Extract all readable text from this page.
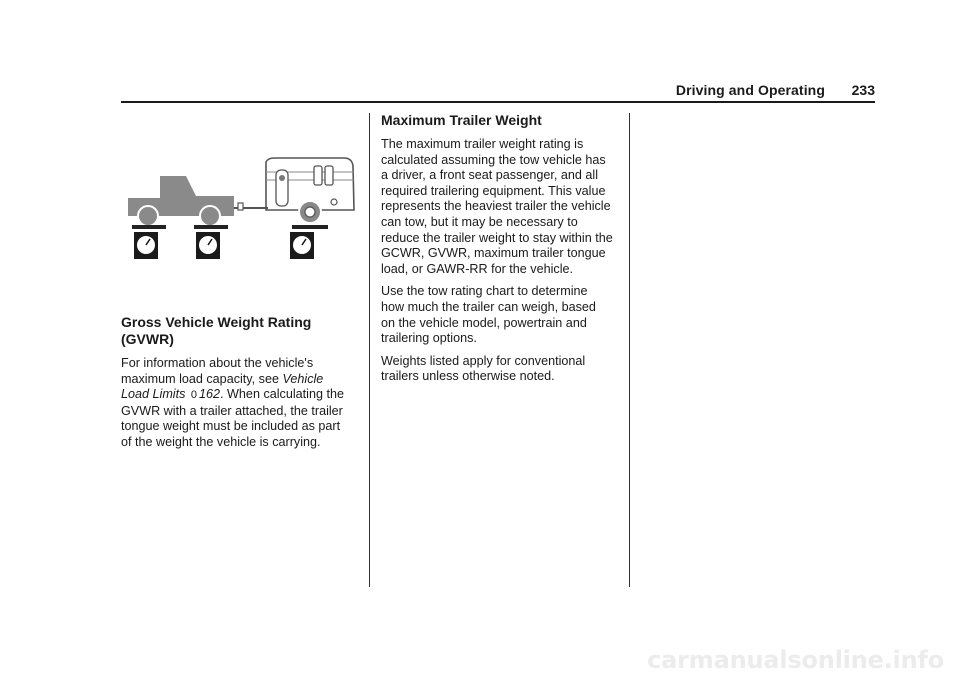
Driving and Operating	233
Gross Vehicle Weight Rating (GVWR)

For information about the vehicle's maximum load capacity, see Vehicle Load Limits 0 162. When calculating the GVWR with a trailer attached, the trailer tongue weight must be included as part of the weight the vehicle is carrying.

Maximum Trailer Weight

The maximum trailer weight rating is calculated assuming the tow vehicle has a driver, a front seat passenger, and all required trailering equipment. This value represents the heaviest trailer the vehicle can tow, but it may be necessary to reduce the trailer weight to stay within the GCWR, GVWR, maximum trailer tongue load, or GAWR-RR for the vehicle.

Use the tow rating chart to determine how much the trailer can weigh, based on the vehicle model, powertrain and trailering options.

Weights listed apply for conventional trailers unless otherwise noted.

carmanualsonline.info
